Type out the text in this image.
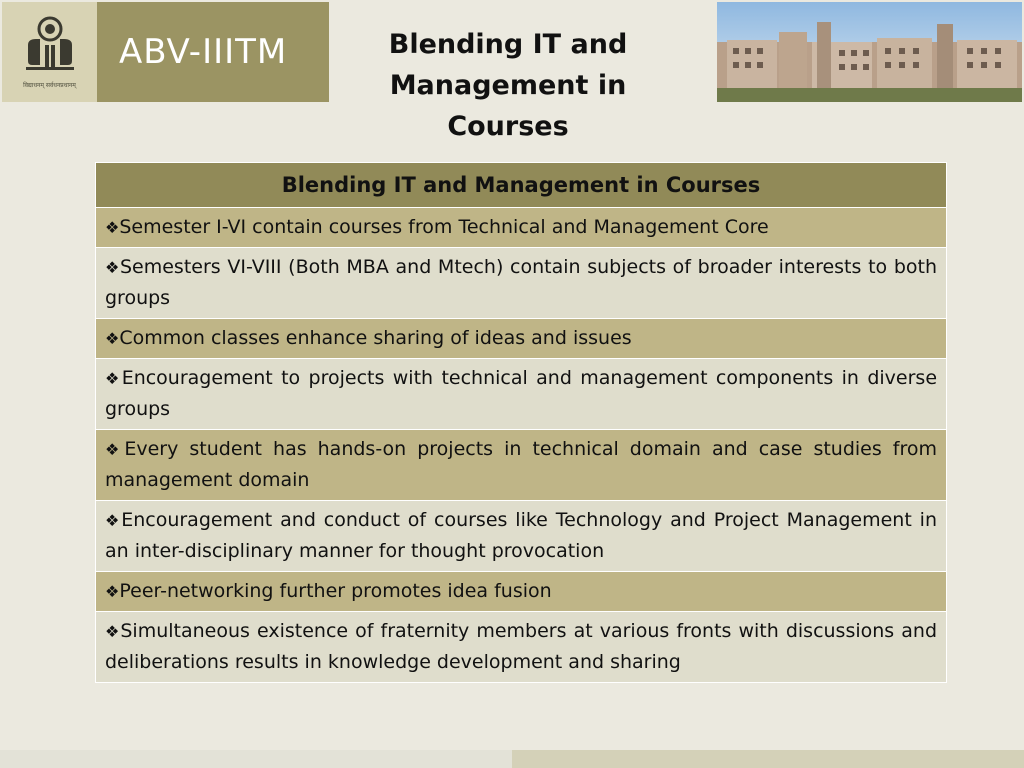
विद्याधनम् सर्वधनप्रधानम्
ABV-IIITM	Blending IT and
Management in Courses
Blending IT and Management in Courses
❖Semester I-VI contain courses from Technical and Management Core
❖Semesters VI-VIII (Both MBA and Mtech) contain subjects of broader interests to both groups
❖Common classes enhance sharing of ideas and issues
❖Encouragement to projects with technical and management components in diverse groups
❖Every student has hands-on projects in technical domain and case studies from management domain
❖Encouragement and conduct of courses like Technology and Project Management in an inter-disciplinary manner for thought provocation
❖Peer-networking further promotes idea fusion
❖Simultaneous existence of fraternity members at various fronts with discussions and deliberations results in knowledge development and sharing
